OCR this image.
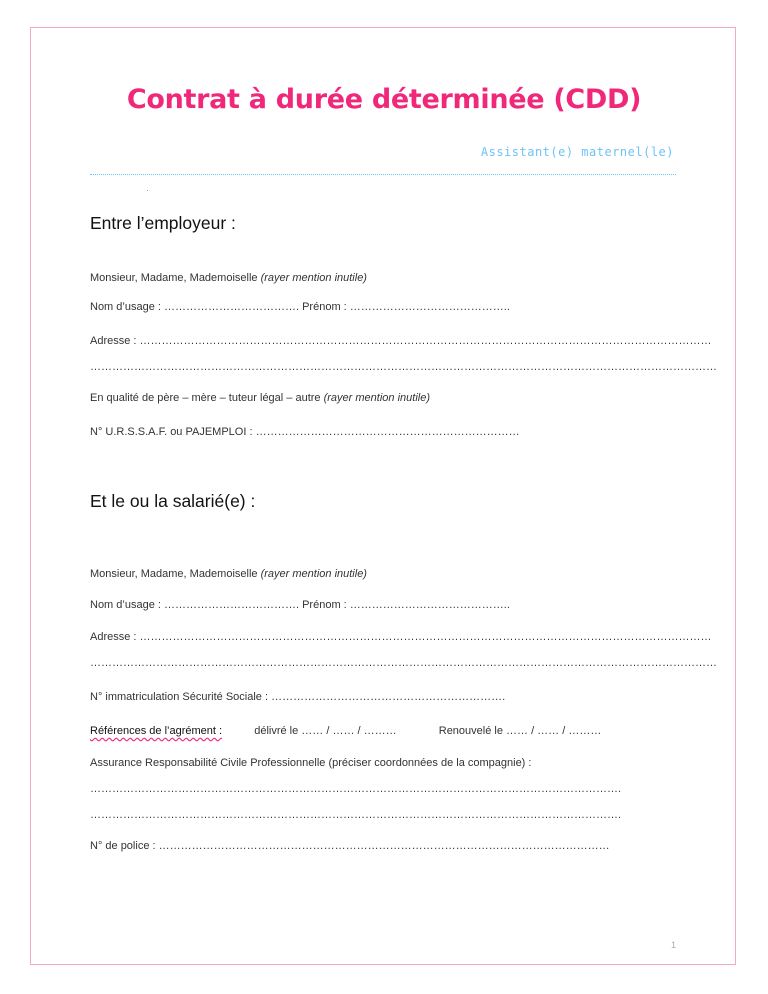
Contrat à durée déterminée (CDD)
Assistant(e) maternel(le)
Entre l’employeur :
Monsieur, Madame, Mademoiselle (rayer mention inutile)
Nom d’usage : ………………………………. Prénom : ……………………………………..
Adresse : …………………………………………………………………………………………………………………………………………
………………………………………………………………………………………………………………………………………………………
En qualité de père – mère – tuteur légal – autre (rayer mention inutile)
N° U.R.S.S.A.F. ou PAJEMPLOI : ………………………………………………………………
Et le ou la salarié(e) :
Monsieur, Madame, Mademoiselle (rayer mention inutile)
Nom d’usage : ………………………………. Prénom : ……………………………………..
Adresse : …………………………………………………………………………………………………………………………………………
………………………………………………………………………………………………………………………………………………………
N° immatriculation Sécurité Sociale : ……………………………………………………….
Références de l’agrément :	délivré le …… / …… / ………	Renouvelé le …… / …… / ………
Assurance Responsabilité Civile Professionnelle (préciser coordonnées de la compagnie) :
……………………………………………………………………………………………………………………………….
……………………………………………………………………………………………………………………………….
N° de police : ……………………………………………………………………………………………………………
1
